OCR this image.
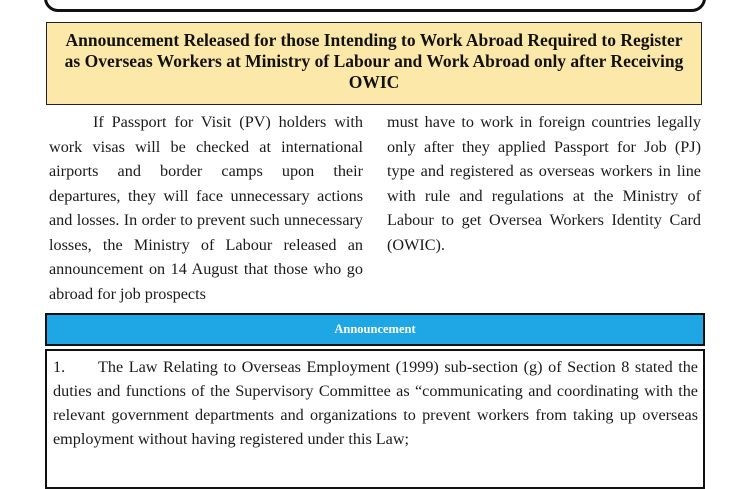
Announcement Released for those Intending to Work Abroad Required to Register as Overseas Workers at Ministry of Labour and Work Abroad only after Receiving OWIC
If Passport for Visit (PV) holders with work visas will be checked at international airports and border camps upon their departures, they will face unnecessary actions and losses. In order to prevent such unnecessary losses, the Ministry of Labour released an announcement on 14 August that those who go abroad for job prospects
must have to work in foreign countries legally only after they applied Passport for Job (PJ) type and registered as overseas workers in line with rule and regulations at the Ministry of Labour to get Oversea Workers Identity Card (OWIC).
Announcement
1. The Law Relating to Overseas Employment (1999) sub-section (g) of Section 8 stated the duties and functions of the Supervisory Committee as “communicating and coordinating with the relevant government departments and organizations to prevent workers from taking up overseas employment without having registered under this Law;
